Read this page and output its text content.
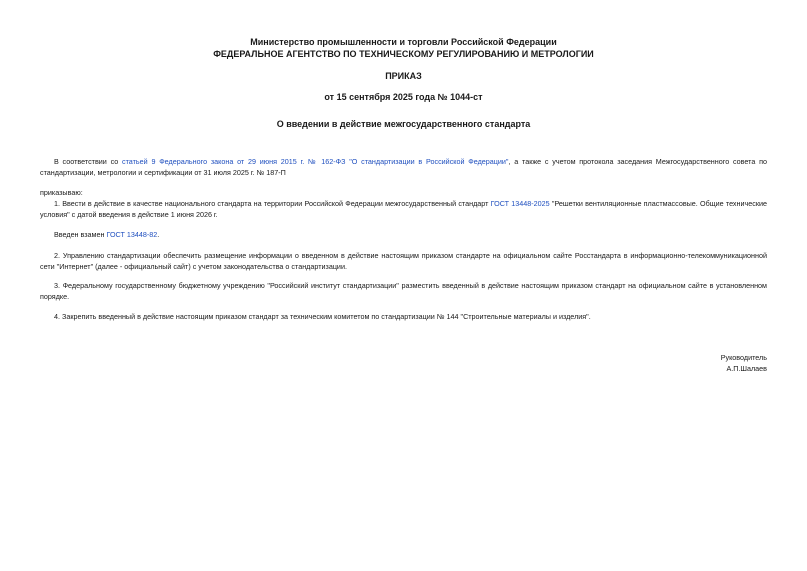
Министерство промышленности и торговли Российской Федерации
ФЕДЕРАЛЬНОЕ АГЕНТСТВО ПО ТЕХНИЧЕСКОМУ РЕГУЛИРОВАНИЮ И МЕТРОЛОГИИ
ПРИКАЗ
от 15 сентября 2025 года № 1044-ст
О введении в действие межгосударственного стандарта
В соответствии со статьей 9 Федерального закона от 29 июня 2015 г. № 162-ФЗ "О стандартизации в Российской Федерации", а также с учетом протокола заседания Межгосударственного совета по стандартизации, метрологии и сертификации от 31 июля 2025 г. № 187-П
приказываю:
1. Ввести в действие в качестве национального стандарта на территории Российской Федерации межгосударственный стандарт ГОСТ 13448-2025 "Решетки вентиляционные пластмассовые. Общие технические условия" с датой введения в действие 1 июня 2026 г.
Введен взамен ГОСТ 13448-82.
2. Управлению стандартизации обеспечить размещение информации о введенном в действие настоящим приказом стандарте на официальном сайте Росстандарта в информационно-телекоммуникационной сети "Интернет" (далее - официальный сайт) с учетом законодательства о стандартизации.
3. Федеральному государственному бюджетному учреждению "Российский институт стандартизации" разместить введенный в действие настоящим приказом стандарт на официальном сайте в установленном порядке.
4. Закрепить введенный в действие настоящим приказом стандарт за техническим комитетом по стандартизации № 144 "Строительные материалы и изделия".
Руководитель
А.П.Шалаев
